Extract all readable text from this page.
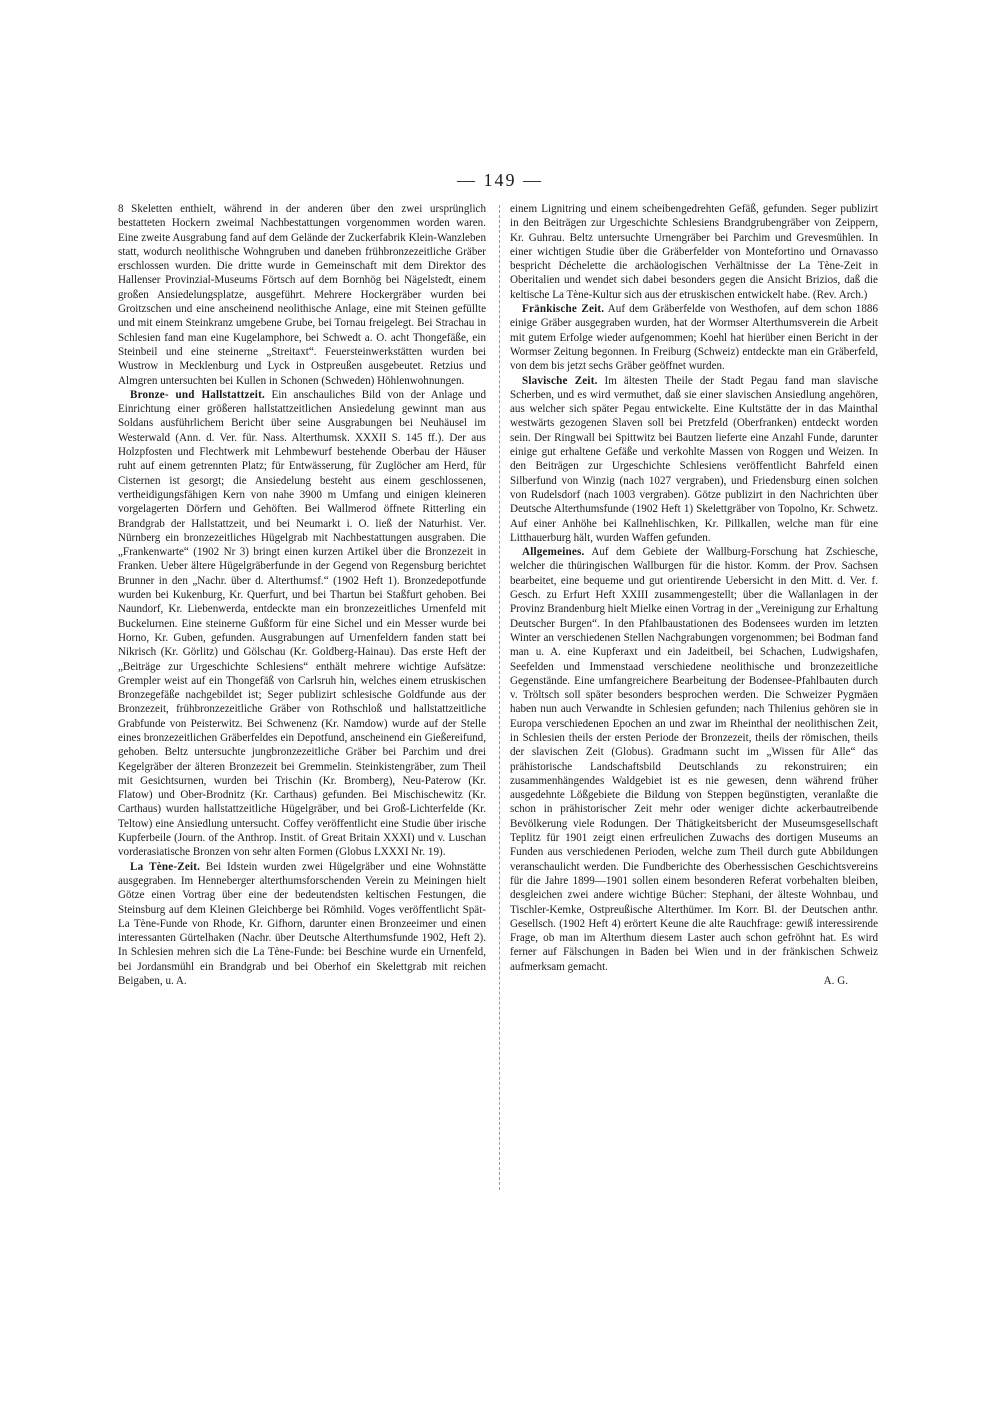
— 149 —

8 Skeletten enthielt, während in der anderen über den zwei ursprünglich bestatteten Hockern zweimal Nachbestattungen vorgenommen worden waren. Eine zweite Ausgrabung fand auf dem Gelände der Zuckerfabrik Klein-Wanzleben statt, wodurch neolithische Wohngruben und daneben frühbronzezeitliche Gräber erschlossen wurden. Die dritte wurde in Gemeinschaft mit dem Direktor des Hallenser Provinzial-Museums Förtsch auf dem Bornhög bei Nägelstedt, einem großen Ansiedelungsplatze, ausgeführt. Mehrere Hockergräber wurden bei Groitzschen und eine anscheinend neolithische Anlage, eine mit Steinen gefüllte und mit einem Steinkranz umgebene Grube, bei Tornau freigelegt. Bei Strachau in Schlesien fand man eine Kugelamphore, bei Schwedt a. O. acht Thongefäße, ein Steinbeil und eine steinerne „Streitaxt“. Feuersteinwerkstätten wurden bei Wustrow in Mecklenburg und Lyck in Ostpreußen ausgebeutet. Retzius und Almgren untersuchten bei Kullen in Schonen (Schweden) Höhlenwohnungen.

Bronze- und Hallstattzeit. Ein anschauliches Bild von der Anlage und Einrichtung einer größeren hallstattzeitlichen Ansiedelung gewinnt man aus Soldans ausführlichem Bericht über seine Ausgrabungen bei Neuhäusel im Westerwald (Ann. d. Ver. für. Nass. Alterthumsk. XXXII S. 145 ff.). Der aus Holzpfosten und Flechtwerk mit Lehmbewurf bestehende Oberbau der Häuser ruht auf einem getrennten Platz; für Entwässerung, für Zuglöcher am Herd, für Cisternen ist gesorgt; die Ansiedelung besteht aus einem geschlossenen, vertheidigungsfähigen Kern von nahe 3900 m Umfang und einigen kleineren vorgelagerten Dörfern und Gehöften. Bei Wallmerod öffnete Ritterling ein Brandgrab der Hallstattzeit, und bei Neumarkt i. O. ließ der Naturhist. Ver. Nürnberg ein bronzezeitliches Hügelgrab mit Nachbestattungen ausgraben. Die „Frankenwarte“ (1902 Nr 3) bringt einen kurzen Artikel über die Bronzezeit in Franken. Ueber ältere Hügelgräberfunde in der Gegend von Regensburg berichtet Brunner in den „Nachr. über d. Alterthumsf.“ (1902 Heft 1). Bronzedepotfunde wurden bei Kukenburg, Kr. Querfurt, und bei Thartun bei Staßfurt gehoben. Bei Naundorf, Kr. Liebenwerda, entdeckte man ein bronzezeitliches Urnenfeld mit Buckelurnen. Eine steinerne Gußform für eine Sichel und ein Messer wurde bei Horno, Kr. Guben, gefunden. Ausgrabungen auf Urnenfeldern fanden statt bei Nikrisch (Kr. Görlitz) und Gölschau (Kr. Goldberg-Hainau). Das erste Heft der „Beiträge zur Urgeschichte Schlesiens“ enthält mehrere wichtige Aufsätze: Grempler weist auf ein Thongefäß von Carlsruh hin, welches einem etruskischen Bronzegefäße nachgebildet ist; Seger publizirt schlesische Goldfunde aus der Bronzezeit, frühbronzezeitliche Gräber von Rothschloß und hallstattzeitliche Grabfunde von Peisterwitz. Bei Schwenenz (Kr. Namdow) wurde auf der Stelle eines bronzezeitlichen Gräberfeldes ein Depotfund, anscheinend ein Gießereifund, gehoben. Beltz untersuchte jungbronzezeitliche Gräber bei Parchim und drei Kegelgräber der älteren Bronzezeit bei Gremmelin. Steinkistengräber, zum Theil mit Gesichtsurnen, wurden bei Trischin (Kr. Bromberg), Neu-Paterow (Kr. Flatow) und Ober-Brodnitz (Kr. Carthaus) gefunden. Bei Mischischewitz (Kr. Carthaus) wurden hallstattzeitliche Hügelgräber, und bei Groß-Lichterfelde (Kr. Teltow) eine Ansiedlung untersucht. Coffey veröffentlicht eine Studie über irische Kupferbeile (Journ. of the Anthrop. Instit. of Great Britain XXXI) und v. Luschan vorderasiatische Bronzen von sehr alten Formen (Globus LXXXI Nr. 19).

La Tène-Zeit. Bei Idstein wurden zwei Hügelgräber und eine Wohnstätte ausgegraben. Im Henneberger alterthumsforschenden Verein zu Meiningen hielt Götze einen Vortrag über eine der bedeutendsten keltischen Festungen, die Steinsburg auf dem Kleinen Gleichberge bei Römhild. Voges veröffentlicht Spät-La Tène-Funde von Rhode, Kr. Gifhorn, darunter einen Bronzeeimer und einen interessanten Gürtelhaken (Nachr. über Deutsche Alterthumsfunde 1902, Heft 2). In Schlesien mehren sich die La Tène-Funde: bei Beschine wurde ein Urnenfeld, bei Jordansmühl ein Brandgrab und bei Oberhof ein Skelettgrab mit reichen Beigaben, u. A.

einem Lignitring und einem scheibengedrehten Gefäß, gefunden. Seger publizirt in den Beiträgen zur Urgeschichte Schlesiens Brandgrubengräber von Zeippern, Kr. Guhrau. Beltz untersuchte Urnengräber bei Parchim und Grevesmühlen. In einer wichtigen Studie über die Gräberfelder von Montefortino und Ornavasso bespricht Déchelette die archäologischen Verhältnisse der La Tène-Zeit in Oberitalien und wendet sich dabei besonders gegen die Ansicht Brizios, daß die keltische La Tène-Kultur sich aus der etruskischen entwickelt habe. (Rev. Arch.)

Fränkische Zeit. Auf dem Gräberfelde von Westhofen, auf dem schon 1886 einige Gräber ausgegraben wurden, hat der Wormser Alterthumsverein die Arbeit mit gutem Erfolge wieder aufgenommen; Koehl hat hierüber einen Bericht in der Wormser Zeitung begonnen. In Freiburg (Schweiz) entdeckte man ein Gräberfeld, von dem bis jetzt sechs Gräber geöffnet wurden.

Slavische Zeit. Im ältesten Theile der Stadt Pegau fand man slavische Scherben, und es wird vermuthet, daß sie einer slavischen Ansiedlung angehören, aus welcher sich später Pegau entwickelte. Eine Kultstätte der in das Mainthal westwärts gezogenen Slaven soll bei Pretzfeld (Oberfranken) entdeckt worden sein. Der Ringwall bei Spittwitz bei Bautzen lieferte eine Anzahl Funde, darunter einige gut erhaltene Gefäße und verkohlte Massen von Roggen und Weizen. In den Beiträgen zur Urgeschichte Schlesiens veröffentlicht Bahrfeld einen Silberfund von Winzig (nach 1027 vergraben), und Friedensburg einen solchen von Rudelsdorf (nach 1003 vergraben). Götze publizirt in den Nachrichten über Deutsche Alterthumsfunde (1902 Heft 1) Skelettgräber von Topolno, Kr. Schwetz. Auf einer Anhöhe bei Kallnehlischken, Kr. Pillkallen, welche man für eine Litthauerburg hält, wurden Waffen gefunden.

Allgemeines. Auf dem Gebiete der Wallburg-Forschung hat Zschiesche, welcher die thüringischen Wallburgen für die histor. Komm. der Prov. Sachsen bearbeitet, eine bequeme und gut orientirende Uebersicht in den Mitt. d. Ver. f. Gesch. zu Erfurt Heft XXIII zusammengestellt; über die Wallanlagen in der Provinz Brandenburg hielt Mielke einen Vortrag in der „Vereinigung zur Erhaltung Deutscher Burgen“. In den Pfahlbaustationen des Bodensees wurden im letzten Winter an verschiedenen Stellen Nachgrabungen vorgenommen; bei Bodman fand man u. A. eine Kupferaxt und ein Jadeitbeil, bei Schachen, Ludwigshafen, Seefelden und Immenstaad verschiedene neolithische und bronzezeitliche Gegenstände. Eine umfangreichere Bearbeitung der Bodensee-Pfahlbauten durch v. Tröltsch soll später besonders besprochen werden. Die Schweizer Pygmäen haben nun auch Verwandte in Schlesien gefunden; nach Thilenius gehören sie in Europa verschiedenen Epochen an und zwar im Rheinthal der neolithischen Zeit, in Schlesien theils der ersten Periode der Bronzezeit, theils der römischen, theils der slavischen Zeit (Globus). Gradmann sucht im „Wissen für Alle“ das prähistorische Landschaftsbild Deutschlands zu rekonstruiren; ein zusammenhängendes Waldgebiet ist es nie gewesen, denn während früher ausgedehnte Lößgebiete die Bildung von Steppen begünstigten, veranlaßte die schon in prähistorischer Zeit mehr oder weniger dichte ackerbautreibende Bevölkerung viele Rodungen. Der Thätigkeitsbericht der Museumsgesellschaft Teplitz für 1901 zeigt einen erfreulichen Zuwachs des dortigen Museums an Funden aus verschiedenen Perioden, welche zum Theil durch gute Abbildungen veranschaulicht werden. Die Fundberichte des Oberhessischen Geschichtsvereins für die Jahre 1899—1901 sollen einem besonderen Referat vorbehalten bleiben, desgleichen zwei andere wichtige Bücher: Stephani, der älteste Wohnbau, und Tischler-Kemke, Ostpreußische Alterthümer. Im Korr. Bl. der Deutschen anthr. Gesellsch. (1902 Heft 4) erörtert Keune die alte Rauchfrage: gewiß interessirende Frage, ob man im Alterthum diesem Laster auch schon gefröhnt hat. Es wird ferner auf Fälschungen in Baden bei Wien und in der fränkischen Schweiz aufmerksam gemacht.

A. G.
